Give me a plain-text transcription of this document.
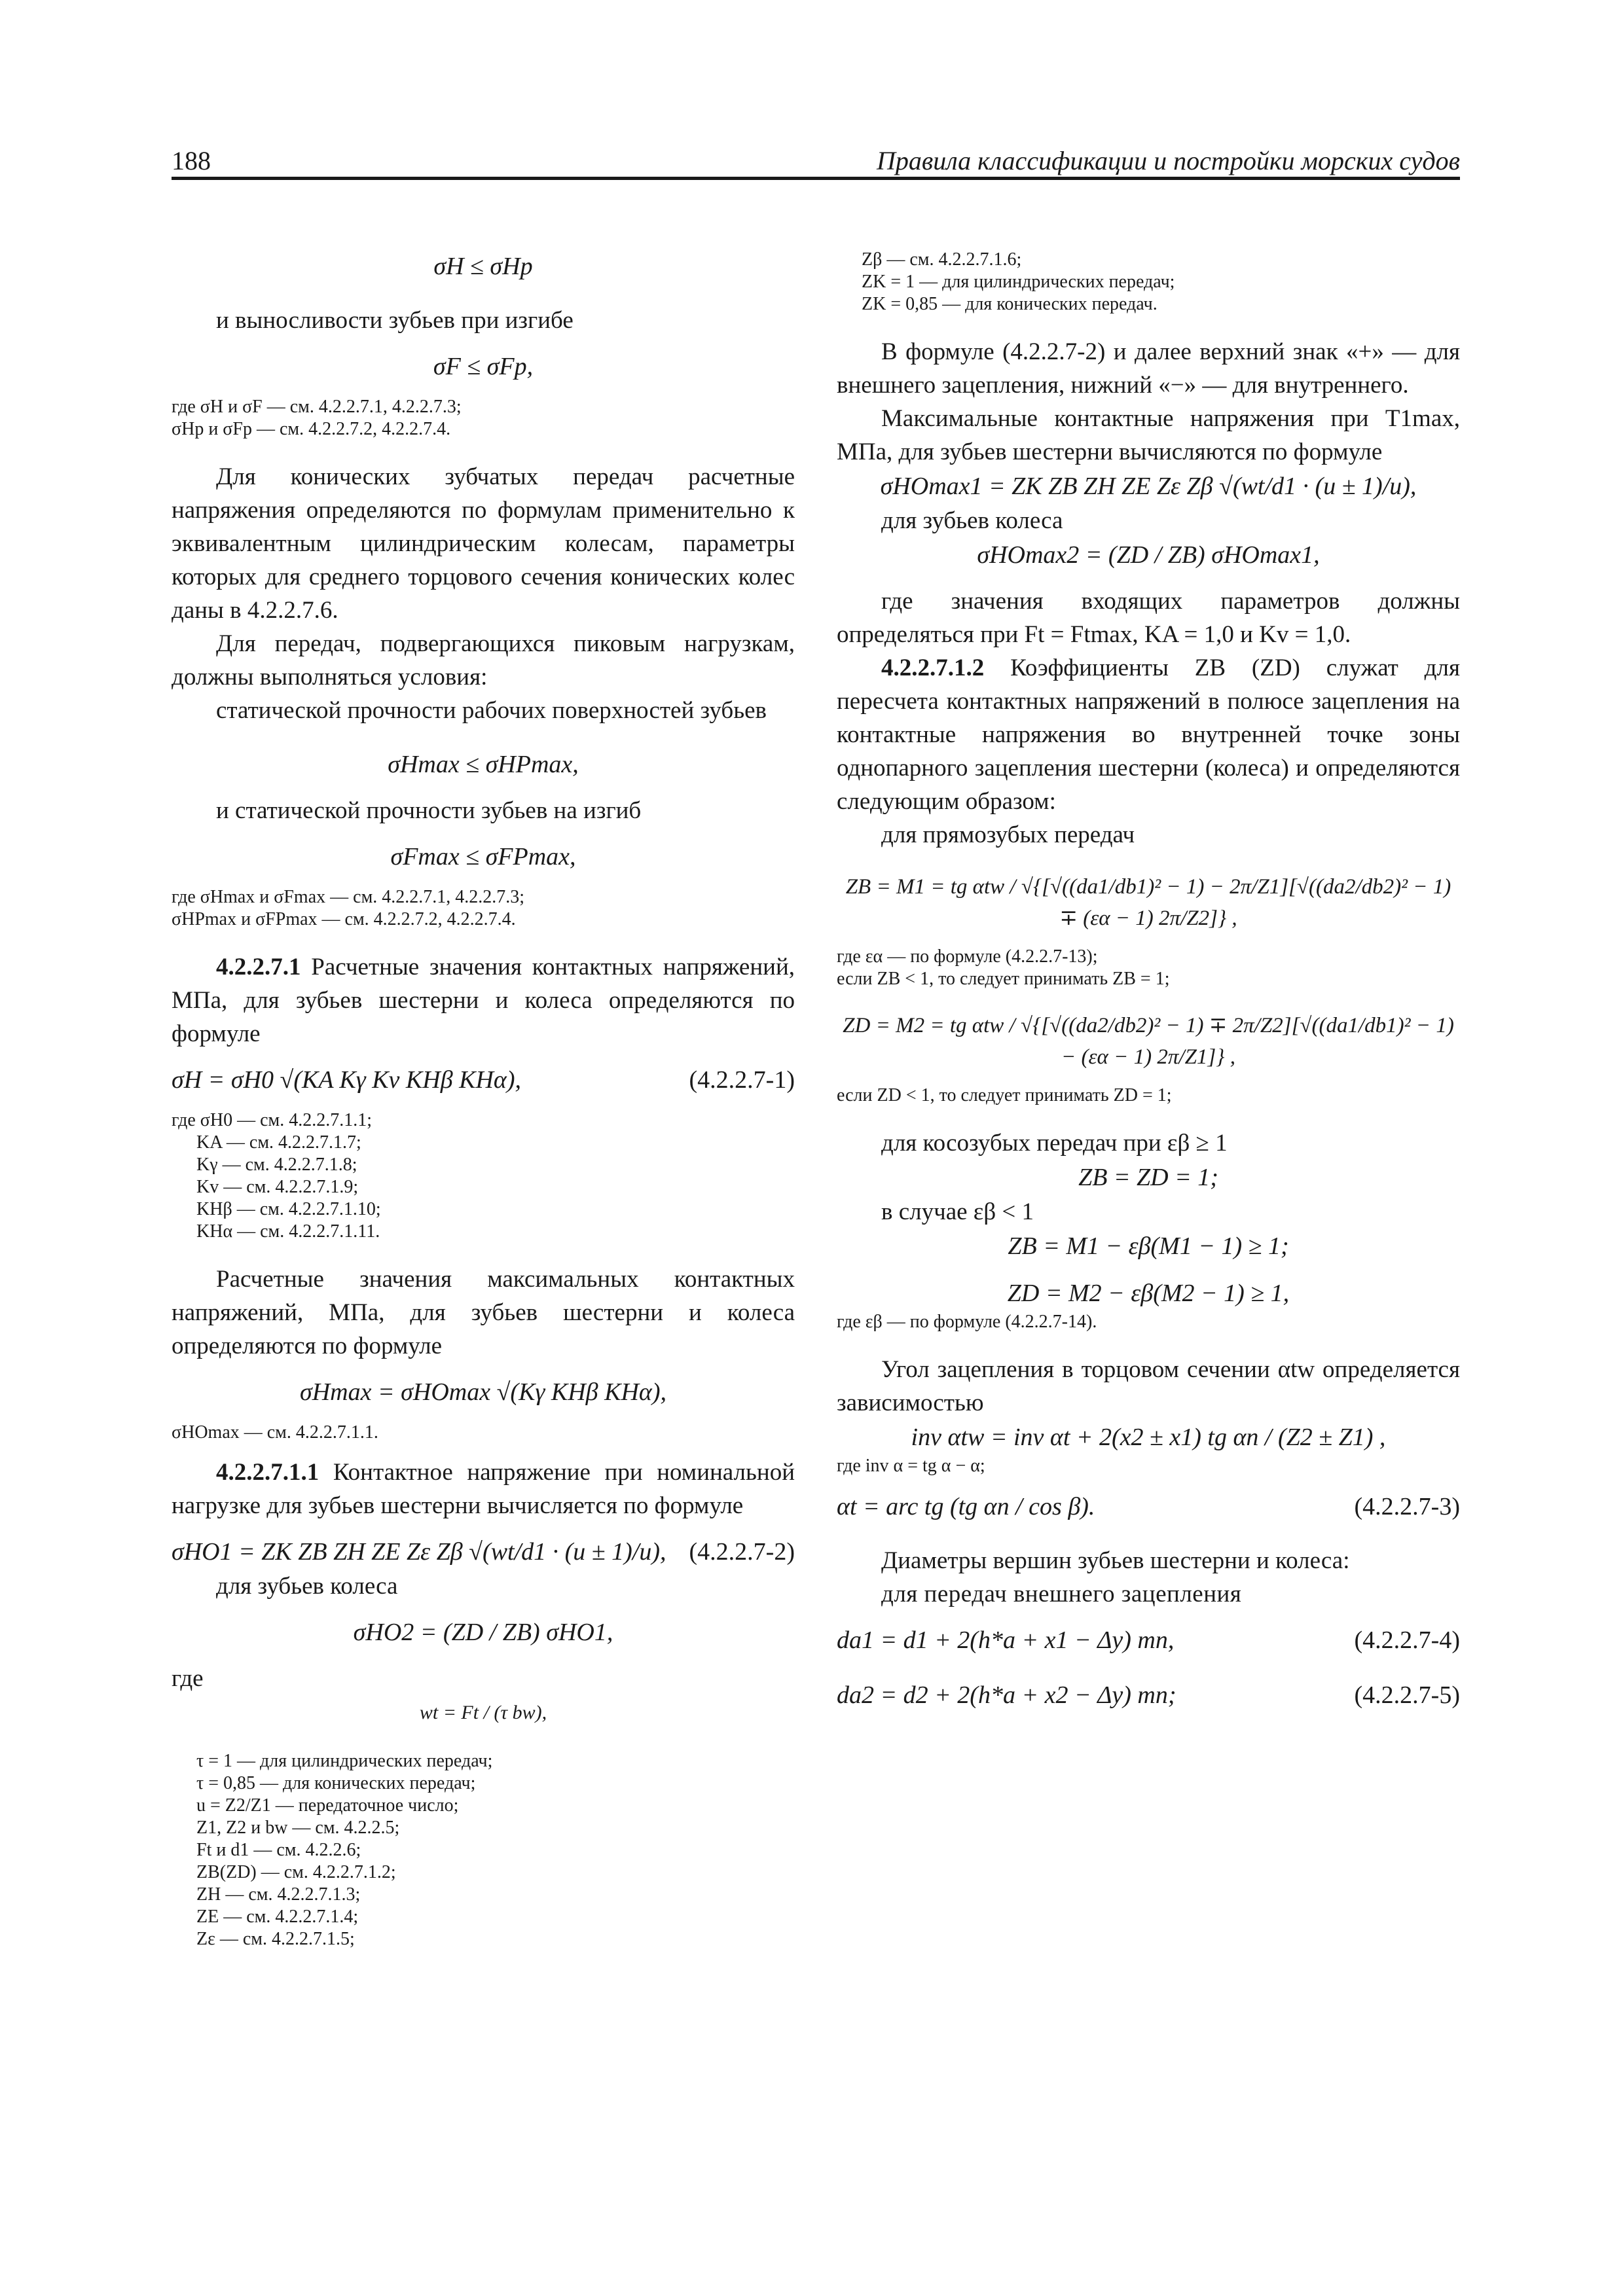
188	Правила классификации и постройки морских судов
σH ≤ σHp

и выносливости зубьев при изгибе

σF ≤ σFp,

где σH и σF — см. 4.2.2.7.1, 4.2.2.7.3;

σHp и σFp — см. 4.2.2.7.2, 4.2.2.7.4.

Для конических зубчатых передач расчетные напряжения определяются по формулам применительно к эквивалентным цилиндрическим колесам, параметры которых для среднего торцового сечения конических колес даны в 4.2.2.7.6.

Для передач, подвергающихся пиковым нагрузкам, должны выполняться условия:

статической прочности рабочих поверхностей зубьев

σHmax ≤ σHPmax,

и статической прочности зубьев на изгиб

σFmax ≤ σFPmax,

где σHmax и σFmax — см. 4.2.2.7.1, 4.2.2.7.3;

σHPmax и σFPmax — см. 4.2.2.7.2, 4.2.2.7.4.

4.2.2.7.1 Расчетные значения контактных напряжений, МПа, для зубьев шестерни и колеса определяются по формуле

σH = σH0 √(KA Kγ Kv KHβ KHα),	(4.2.2.7-1)

где σH0 — см. 4.2.2.7.1.1;

KA — см. 4.2.2.7.1.7;

Kγ — см. 4.2.2.7.1.8;

Kv — см. 4.2.2.7.1.9;

KHβ — см. 4.2.2.7.1.10;

KHα — см. 4.2.2.7.1.11.

Расчетные значения максимальных контактных напряжений, МПа, для зубьев шестерни и колеса определяются по формуле

σHmax = σHOmax √(Kγ KHβ KHα),

σHOmax — см. 4.2.2.7.1.1.

4.2.2.7.1.1 Контактное напряжение при номинальной нагрузке для зубьев шестерни вычисляется по формуле

σHO1 = ZK ZB ZH ZE Zε Zβ √(wt/d1 · (u ± 1)/u), (4.2.2.7-2)

для зубьев колеса

σHO2 = (ZD / ZB) σHO1,

где

wt = Ft / (τ bw),

τ = 1 — для цилиндрических передач;

τ = 0,85 — для конических передач;

u = Z2/Z1 — передаточное число;

Z1, Z2 и bw — см. 4.2.2.5;

Ft и d1 — см. 4.2.2.6;

ZB(ZD) — см. 4.2.2.7.1.2;

ZH — см. 4.2.2.7.1.3;

ZE — см. 4.2.2.7.1.4;

Zε — см. 4.2.2.7.1.5;

Zβ — см. 4.2.2.7.1.6;

ZK = 1 — для цилиндрических передач;

ZK = 0,85 — для конических передач.

В формуле (4.2.2.7-2) и далее верхний знак «+» — для внешнего зацепления, нижний «−» — для внутреннего.

Максимальные контактные напряжения при T1max, МПа, для зубьев шестерни вычисляются по формуле

σHOmax1 = ZK ZB ZH ZE Zε Zβ √(wt/d1 · (u ± 1)/u),

для зубьев колеса

σHOmax2 = (ZD / ZB) σHOmax1,

где значения входящих параметров должны определяться при Ft = Ftmax, KA = 1,0 и Kv = 1,0.

4.2.2.7.1.2 Коэффициенты ZB (ZD) служат для пересчета контактных напряжений в полюсе зацепления на контактные напряжения во внутренней точке зоны однопарного зацепления шестерни (колеса) и определяются следующим образом:

для прямозубых передач

ZB = M1 = tg αtw / √{[√((da1/db1)² − 1) − 2π/Z1][√((da2/db2)² − 1) ∓ (εα − 1) 2π/Z2]} ,

где εα — по формуле (4.2.2.7-13);

если ZB < 1, то следует принимать ZB = 1;

ZD = M2 = tg αtw / √{[√((da2/db2)² − 1) ∓ 2π/Z2][√((da1/db1)² − 1) − (εα − 1) 2π/Z1]} ,

если ZD < 1, то следует принимать ZD = 1;

для косозубых передач при εβ ≥ 1

ZB = ZD = 1;

в случае εβ < 1

ZB = M1 − εβ(M1 − 1) ≥ 1;
ZD = M2 − εβ(M2 − 1) ≥ 1,

где εβ — по формуле (4.2.2.7-14).

Угол зацепления в торцовом сечении αtw определяется зависимостью

inv αtw = inv αt + 2(x2 ± x1) tg αn / (Z2 ± Z1) ,

где inv α = tg α − α;

αt = arc tg (tg αn / cos β).	(4.2.2.7-3)

Диаметры вершин зубьев шестерни и колеса:

для передач внешнего зацепления

da1 = d1 + 2(h*a + x1 − Δy) mn,	(4.2.2.7-4)
da2 = d2 + 2(h*a + x2 − Δy) mn;	(4.2.2.7-5)
